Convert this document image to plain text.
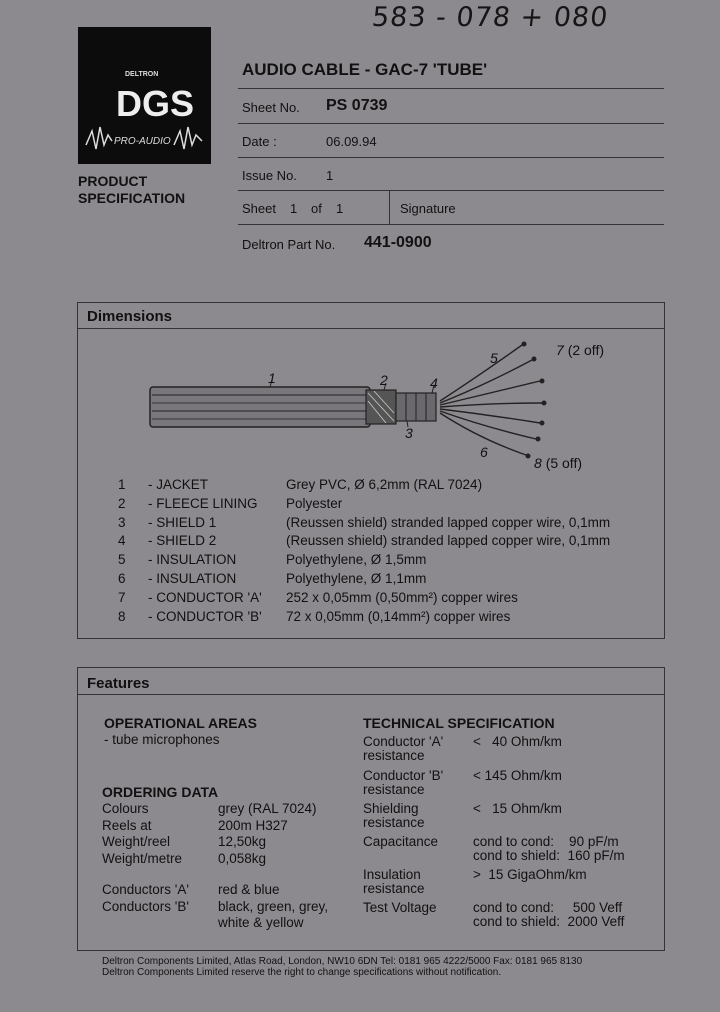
583 - 078 + 080
DELTRON
DGS
PRO-AUDIO
PRODUCT
SPECIFICATION
AUDIO CABLE - GAC-7 'TUBE'
Sheet No. PS 0739
Date :	06.09.94
Issue No. 1
Sheet 1 of 1	Signature
Deltron Part No. 441-0900
Dimensions
1	2
3
4
5
6
7 (2 off)
8 (5 off)
1 - JACKET	Grey PVC, Ø 6,2mm (RAL 7024)
2 - FLEECE LINING Polyester
3 - SHIELD 1	(Reussen shield) stranded lapped copper wire, 0,1mm
4 - SHIELD 2	(Reussen shield) stranded lapped copper wire, 0,1mm
5 - INSULATION	Polyethylene, Ø 1,5mm
6 - INSULATION	Polyethylene, Ø 1,1mm
7 - CONDUCTOR 'A' 252 x 0,05mm (0,50mm²) copper wires
8 - CONDUCTOR 'B' 72 x 0,05mm (0,14mm²) copper wires
Features
OPERATIONAL AREAS
- tube microphones
ORDERING DATA
Colours	grey (RAL 7024)
Reels at	200m H327
Weight/reel	12,50kg
Weight/metre	0,058kg
Conductors 'A' red & blue
Conductors 'B' black, green, grey,
white & yellow
TECHNICAL SPECIFICATION
Conductor 'A'
resistance
<   40 Ohm/km
Conductor 'B'
resistance
< 145 Ohm/km
Shielding
resistance
<   15 Ohm/km
Capacitance	cond to cond:    90 pF/m
cond to shield:  160 pF/m
Insulation
resistance
>  15 GigaOhm/km
Test Voltage	cond to cond:     500 Veff
cond to shield:  2000 Veff
Deltron Components Limited, Atlas Road, London, NW10 6DN Tel: 0181 965 4222/5000 Fax: 0181 965 8130
Deltron Components Limited reserve the right to change specifications without notification.
